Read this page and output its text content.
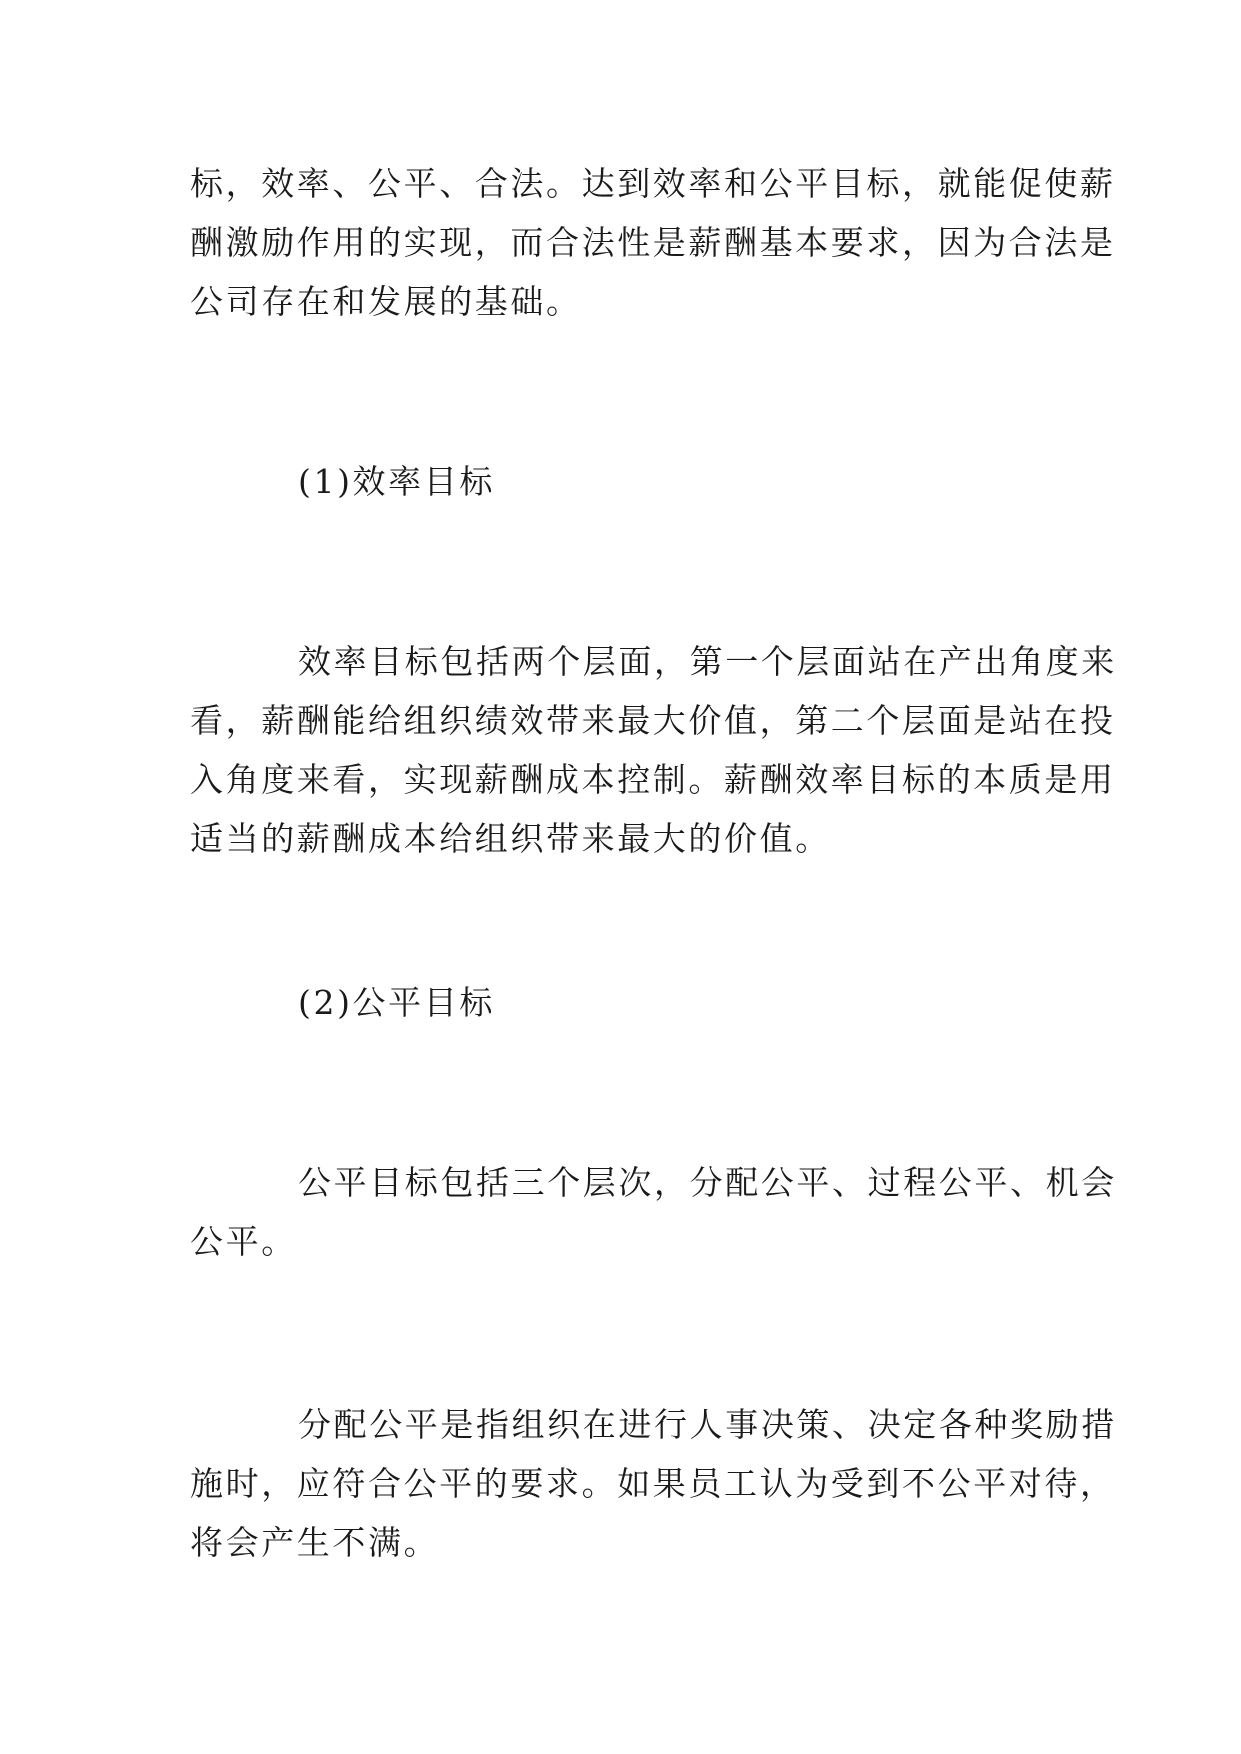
标，效率、公平、合法。达到效率和公平目标，就能促使薪
酬激励作用的实现，而合法性是薪酬基本要求，因为合法是
公司存在和发展的基础。
(1)效率目标
效率目标包括两个层面，第一个层面站在产出角度来
看，薪酬能给组织绩效带来最大价值，第二个层面是站在投
入角度来看，实现薪酬成本控制。薪酬效率目标的本质是用
适当的薪酬成本给组织带来最大的价值。
(2)公平目标
公平目标包括三个层次，分配公平、过程公平、机会
公平。
分配公平是指组织在进行人事决策、决定各种奖励措
施时，应符合公平的要求。如果员工认为受到不公平对待，
将会产生不满。
